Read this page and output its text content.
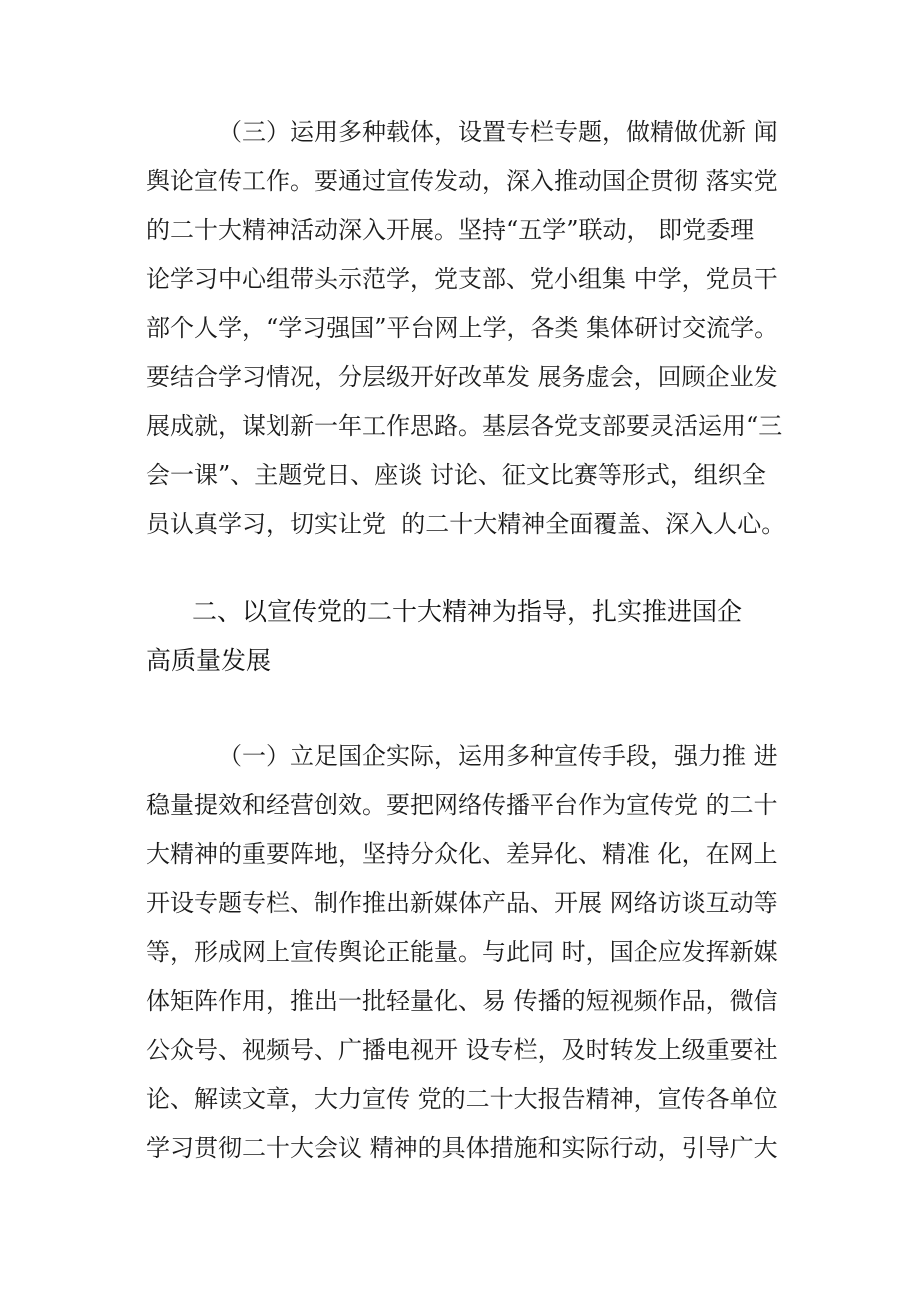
（三）运用多种载体，设置专栏专题，做精做优新 闻
舆论宣传工作。要通过宣传发动，深入推动国企贯彻 落实党
的二十大精神活动深入开展。坚持“五学”联动， 即党委理
论学习中心组带头示范学，党支部、党小组集 中学，党员干
部个人学，“学习强国”平台网上学，各类 集体研讨交流学。
要结合学习情况，分层级开好改革发 展务虚会，回顾企业发
展成就，谋划新一年工作思路。基层各党支部要灵活运用“三
会一课”、主题党日、座谈 讨论、征文比赛等形式，组织全
员认真学习，切实让党  的二十大精神全面覆盖、深入人心。
二、以宣传党的二十大精神为指导，扎实推进国企
高质量发展
（一）立足国企实际，运用多种宣传手段，强力推 进
稳量提效和经营创效。要把网络传播平台作为宣传党 的二十
大精神的重要阵地，坚持分众化、差异化、精准 化，在网上
开设专题专栏、制作推出新媒体产品、开展 网络访谈互动等
等，形成网上宣传舆论正能量。与此同 时，国企应发挥新媒
体矩阵作用，推出一批轻量化、易 传播的短视频作品，微信
公众号、视频号、广播电视开 设专栏，及时转发上级重要社
论、解读文章，大力宣传 党的二十大报告精神，宣传各单位
学习贯彻二十大会议 精神的具体措施和实际行动，引导广大
